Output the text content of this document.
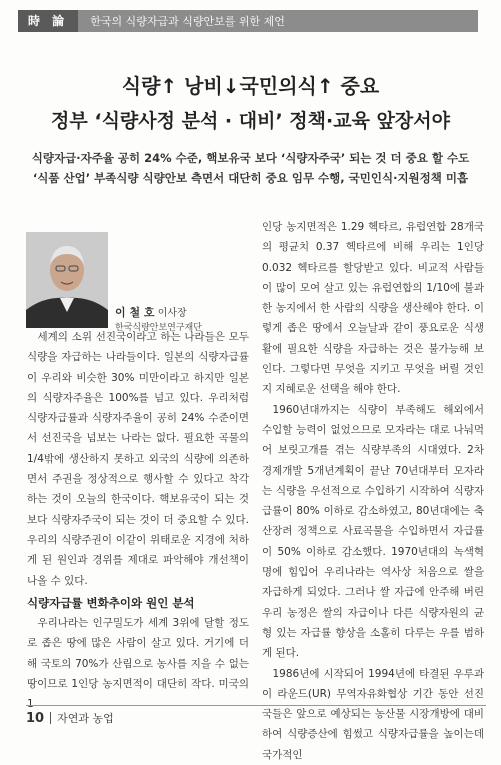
時 論	한국의 식량자급과 식량안보를 위한 제언
식량↑ 낭비↓국민의식↑ 중요
정부 ‘식량사정 분석 · 대비’ 정책·교육 앞장서야
식량자급·자주율 공히 24% 수준, 핵보유국 보다 ‘식량자주국’ 되는 것 더 중요 할 수도
‘식품 산업’ 부족식량 식량안보 측면서 대단히 중요 임무 수행, 국민인식·지원정책 미흡
이 철 호 이사장
한국식량안보연구재단

세계의 소위 선진국이라고 하는 나라들은 모두 식량을 자급하는 나라들이다. 일본의 식량자급률이 우리와 비슷한 30% 미만이라고 하지만 일본의 식량자주율은 100%를 넘고 있다. 우리처럼 식량자급률과 식량자주율이 공히 24% 수준이면서 선진국을 넘보는 나라는 없다. 필요한 곡물의 1/4밖에 생산하지 못하고 외국의 식량에 의존하면서 주권을 정상적으로 행사할 수 있다고 착각하는 것이 오늘의 한국이다. 핵보유국이 되는 것보다 식량자주국이 되는 것이 더 중요할 수 있다. 우리의 식량주권이 이같이 위태로운 지경에 처하게 된 원인과 경위를 제대로 파악해야 개선책이 나올 수 있다.

식량자급률 변화추이와 원인 분석

우리나라는 인구밀도가 세계 3위에 달할 정도로 좁은 땅에 많은 사람이 살고 있다. 거기에 더해 국토의 70%가 산림으로 농사를 지을 수 없는 땅이므로 1인당 농지면적이 대단히 작다. 미국의

인당 농지면적은 1.29 헥타르, 유럽연합 28개국의 평균치 0.37 헥타르에 비해 우리는 1인당 0.032 헥타르를 할당받고 있다. 비교적 사람들이 많이 모여 살고 있는 유럽연합의 1/10에 불과한 농지에서 한 사람의 식량을 생산해야 한다. 이렇게 좁은 땅에서 오늘날과 같이 풍요로운 식생활에 필요한 식량을 자급하는 것은 불가능해 보인다. 그렇다면 무엇을 지키고 무엇을 버릴 것인지 지혜로운 선택을 해야 한다.

1960년대까지는 식량이 부족해도 해외에서 수입할 능력이 없었으므로 모자라는 대로 나눠먹어 보릿고개를 겪는 식량부족의 시대였다. 2차 경제개발 5개년계획이 끝난 70년대부터 모자라는 식량을 우선적으로 수입하기 시작하여 식량자급률이 80% 이하로 감소하였고, 80년대에는 축산장려 정책으로 사료곡물을 수입하면서 자급률이 50% 이하로 감소했다. 1970년대의 녹색혁명에 힘입어 우리나라는 역사상 처음으로 쌀을 자급하게 되었다. 그러나 쌀 자급에 안주해 버린 우리 농정은 쌀의 자급이나 다른 식량자원의 균형 있는 자급률 향상을 소홀히 다루는 우를 범하게 된다.

1986년에 시작되어 1994년에 타결된 우루과이 라운드(UR) 무역자유화협상 기간 동안 선진국들은 앞으로 예상되는 농산물 시장개방에 대비하여 식량증산에 힘썼고 식량자급률을 높이는데 국가적인

10 자연과 농업
